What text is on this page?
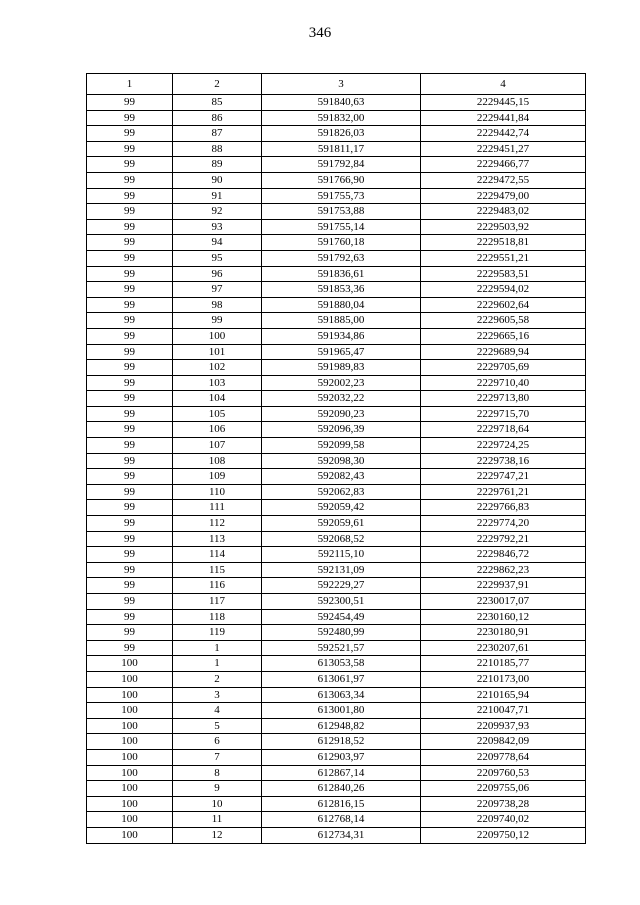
346
1	2	3	4
99	85	591840,63	2229445,15
99	86	591832,00	2229441,84
99	87	591826,03	2229442,74
99	88	591811,17	2229451,27
99	89	591792,84	2229466,77
99	90	591766,90	2229472,55
99	91	591755,73	2229479,00
99	92	591753,88	2229483,02
99	93	591755,14	2229503,92
99	94	591760,18	2229518,81
99	95	591792,63	2229551,21
99	96	591836,61	2229583,51
99	97	591853,36	2229594,02
99	98	591880,04	2229602,64
99	99	591885,00	2229605,58
99	100	591934,86	2229665,16
99	101	591965,47	2229689,94
99	102	591989,83	2229705,69
99	103	592002,23	2229710,40
99	104	592032,22	2229713,80
99	105	592090,23	2229715,70
99	106	592096,39	2229718,64
99	107	592099,58	2229724,25
99	108	592098,30	2229738,16
99	109	592082,43	2229747,21
99	110	592062,83	2229761,21
99	111	592059,42	2229766,83
99	112	592059,61	2229774,20
99	113	592068,52	2229792,21
99	114	592115,10	2229846,72
99	115	592131,09	2229862,23
99	116	592229,27	2229937,91
99	117	592300,51	2230017,07
99	118	592454,49	2230160,12
99	119	592480,99	2230180,91
99	1	592521,57	2230207,61
100	1	613053,58	2210185,77
100	2	613061,97	2210173,00
100	3	613063,34	2210165,94
100	4	613001,80	2210047,71
100	5	612948,82	2209937,93
100	6	612918,52	2209842,09
100	7	612903,97	2209778,64
100	8	612867,14	2209760,53
100	9	612840,26	2209755,06
100	10	612816,15	2209738,28
100	11	612768,14	2209740,02
100	12	612734,31	2209750,12
